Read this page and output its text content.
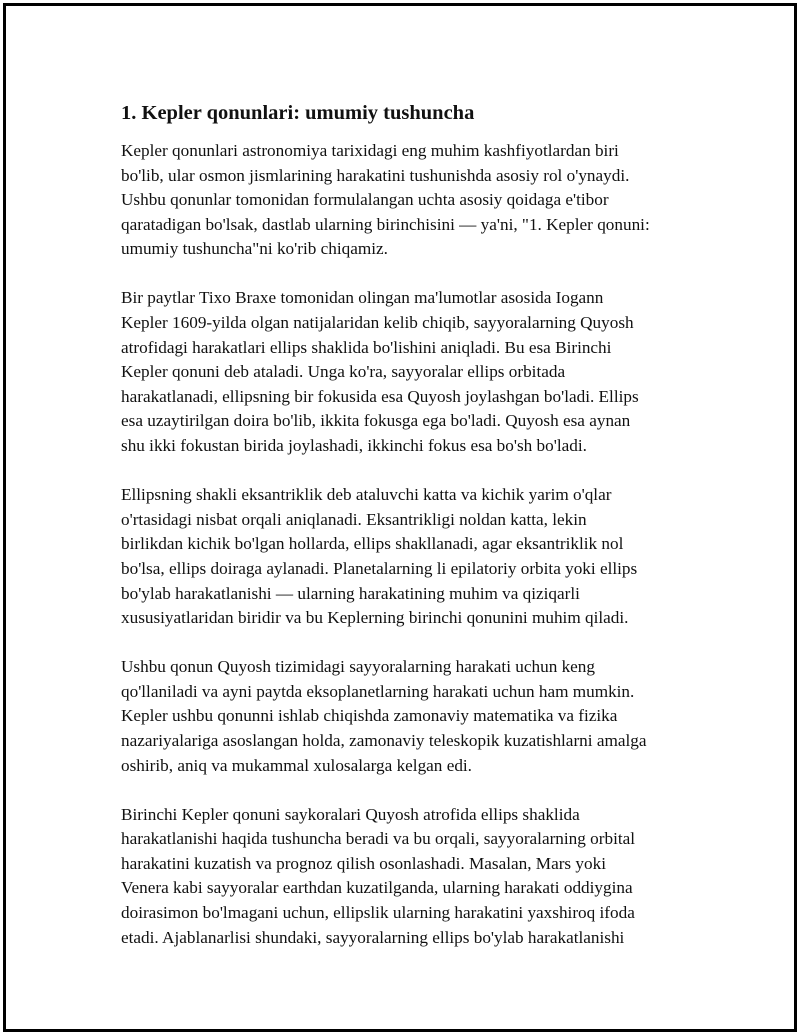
1. Kepler qonunlari: umumiy tushuncha

Kepler qonunlari astronomiya tarixidagi eng muhim kashfiyotlardan biri
bo'lib, ular osmon jismlarining harakatini tushunishda asosiy rol o'ynaydi.
Ushbu qonunlar tomonidan formulalangan uchta asosiy qoidaga e'tibor
qaratadigan bo'lsak, dastlab ularning birinchisini — ya'ni, "1. Kepler qonuni:
umumiy tushuncha"ni ko'rib chiqamiz.

Bir paytlar Tixo Braxe tomonidan olingan ma'lumotlar asosida Iogann
Kepler 1609-yilda olgan natijalaridan kelib chiqib, sayyoralarning Quyosh
atrofidagi harakatlari ellips shaklida bo'lishini aniqladi. Bu esa Birinchi
Kepler qonuni deb ataladi. Unga ko'ra, sayyoralar ellips orbitada
harakatlanadi, ellipsning bir fokusida esa Quyosh joylashgan bo'ladi. Ellips
esa uzaytirilgan doira bo'lib, ikkita fokusga ega bo'ladi. Quyosh esa aynan
shu ikki fokustan birida joylashadi, ikkinchi fokus esa bo'sh bo'ladi.

Ellipsning shakli eksantriklik deb ataluvchi katta va kichik yarim o'qlar
o'rtasidagi nisbat orqali aniqlanadi. Eksantrikligi noldan katta, lekin
birlikdan kichik bo'lgan hollarda, ellips shakllanadi, agar eksantriklik nol
bo'lsa, ellips doiraga aylanadi. Planetalarning li epilatoriy orbita yoki ellips
bo'ylab harakatlanishi — ularning harakatining muhim va qiziqarli
xususiyatlaridan biridir va bu Keplerning birinchi qonunini muhim qiladi.

Ushbu qonun Quyosh tizimidagi sayyoralarning harakati uchun keng
qo'llaniladi va ayni paytda eksoplanetlarning harakati uchun ham mumkin.
Kepler ushbu qonunni ishlab chiqishda zamonaviy matematika va fizika
nazariyalariga asoslangan holda, zamonaviy teleskopik kuzatishlarni amalga
oshirib, aniq va mukammal xulosalarga kelgan edi.

Birinchi Kepler qonuni saykoralari Quyosh atrofida ellips shaklida
harakatlanishi haqida tushuncha beradi va bu orqali, sayyoralarning orbital
harakatini kuzatish va prognoz qilish osonlashadi. Masalan, Mars yoki
Venera kabi sayyoralar earthdan kuzatilganda, ularning harakati oddiygina
doirasimon bo'lmagani uchun, ellipslik ularning harakatini yaxshiroq ifoda
etadi. Ajablanarlisi shundaki, sayyoralarning ellips bo'ylab harakatlanishi
